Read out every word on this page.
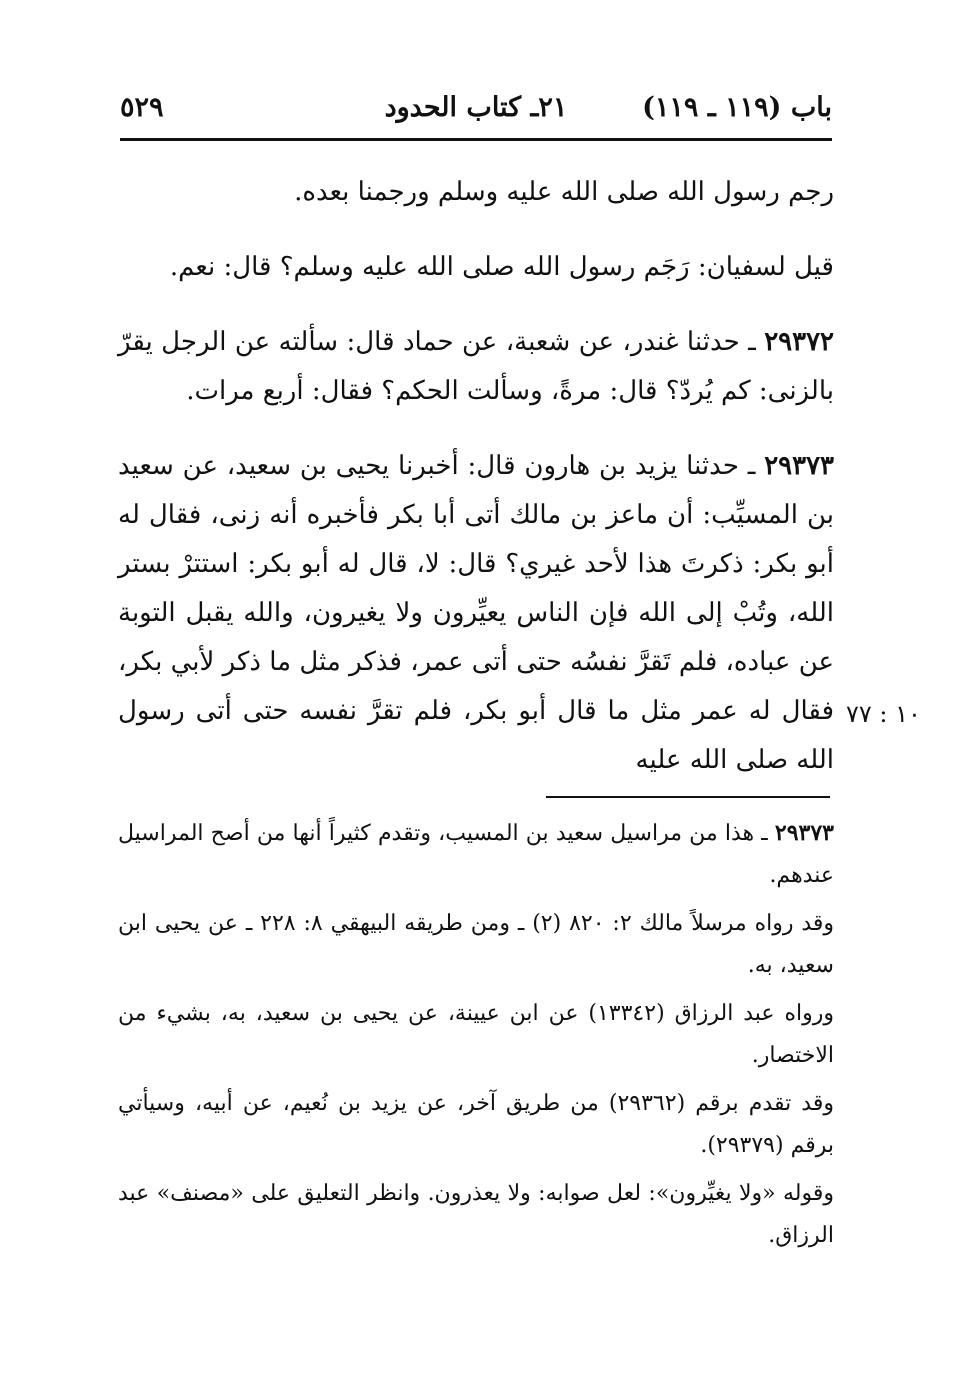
باب (١١٩ ـ ١١٩)
٢١ـ كتاب الحدود
٥٢٩

رجم رسول الله صلى الله عليه وسلم ورجمنا بعده.

قيل لسفيان: رَجَم رسول الله صلى الله عليه وسلم؟ قال: نعم.

٢٩٣٧٢ ـ حدثنا غندر، عن شعبة، عن حماد قال: سألته عن الرجل يقرّ بالزنى: كم يُردّ؟ قال: مرةً، وسألت الحكم؟ فقال: أربع مرات.

٢٩٣٧٣ ـ حدثنا يزيد بن هارون قال: أخبرنا يحيى بن سعيد، عن سعيد بن المسيِّب: أن ماعز بن مالك أتى أبا بكر فأخبره أنه زنى، فقال له أبو بكر: ذكرتَ هذا لأحد غيري؟ قال: لا، قال له أبو بكر: استترْ بستر الله، وتُبْ إلى الله فإن الناس يعيِّرون ولا يغيرون، والله يقبل التوبة عن عباده، فلم تَقرَّ نفسُه حتى أتى عمر، فذكر مثل ما ذكر لأبي بكر، فقال له عمر مثل ما قال أبو بكر، فلم تقرَّ نفسه حتى أتى رسول الله صلى الله عليه

١٠ : ٧٧

٢٩٣٧٣ ـ هذا من مراسيل سعيد بن المسيب، وتقدم كثيراً أنها من أصح المراسيل عندهم.

وقد رواه مرسلاً مالك ٢: ٨٢٠ (٢) ـ ومن طريقه البيهقي ٨: ٢٢٨ ـ عن يحيى ابن سعيد، به.

ورواه عبد الرزاق (١٣٣٤٢) عن ابن عيينة، عن يحيى بن سعيد، به، بشيء من الاختصار.

وقد تقدم برقم (٢٩٣٦٢) من طريق آخر، عن يزيد بن نُعيم، عن أبيه، وسيأتي برقم (٢٩٣٧٩).

وقوله «ولا يغيِّرون»: لعل صوابه: ولا يعذرون. وانظر التعليق على «مصنف» عبد الرزاق.
